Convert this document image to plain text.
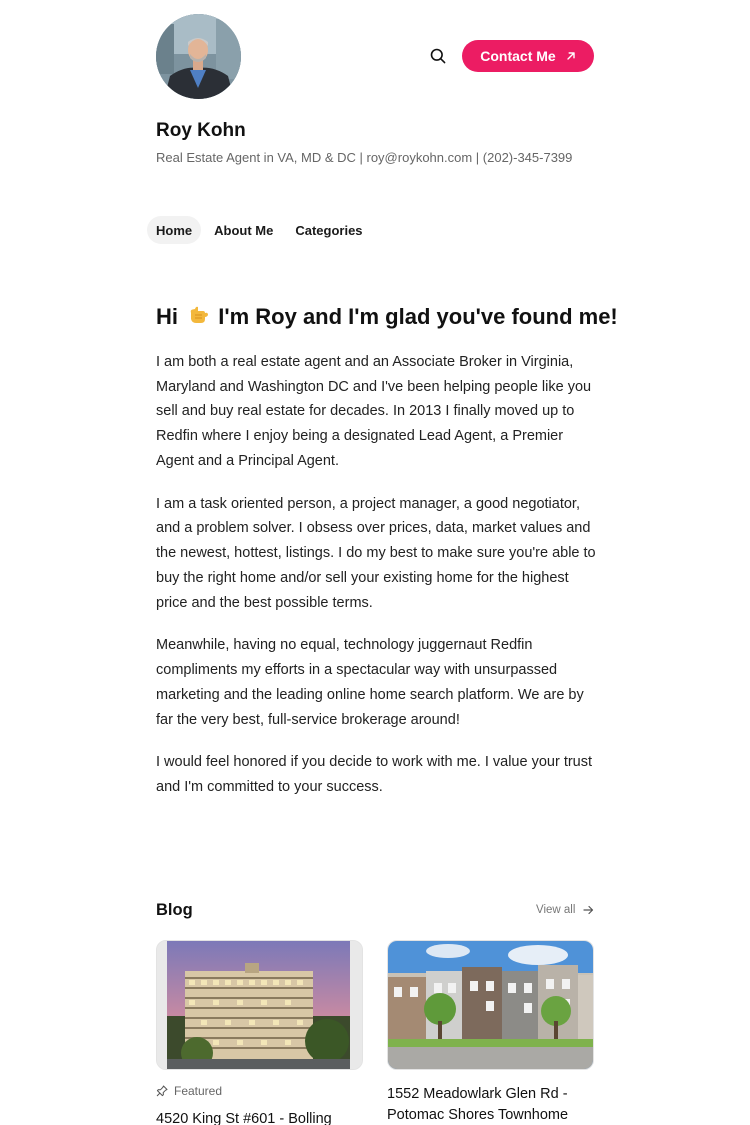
Contact Me
Roy Kohn
Real Estate Agent in VA, MD & DC | roy@roykohn.com | (202)-345-7399
Home	About Me	Categories
Hi I'm Roy and I'm glad you've found me!

I am both a real estate agent and an Associate Broker in Virginia, Maryland and Washington DC and I've been helping people like you sell and buy real estate for decades. In 2013 I finally moved up to Redfin where I enjoy being a designated Lead Agent, a Premier Agent and a Principal Agent.

I am a task oriented person, a project manager, a good negotiator, and a problem solver. I obsess over prices, data, market values and the newest, hottest, listings. I do my best to make sure you're able to buy the right home and/or sell your existing home for the highest price and the best possible terms.

Meanwhile, having no equal, technology juggernaut Redfin compliments my efforts in a spectacular way with unsurpassed marketing and the leading online home search platform. We are by far the very best, full-service brokerage around!

I would feel honored if you decide to work with me. I value your trust and I'm committed to your success.

Blog	View all
Featured
4520 King St #601 - Bolling
1552 Meadowlark Glen Rd - Potomac Shores Townhome
